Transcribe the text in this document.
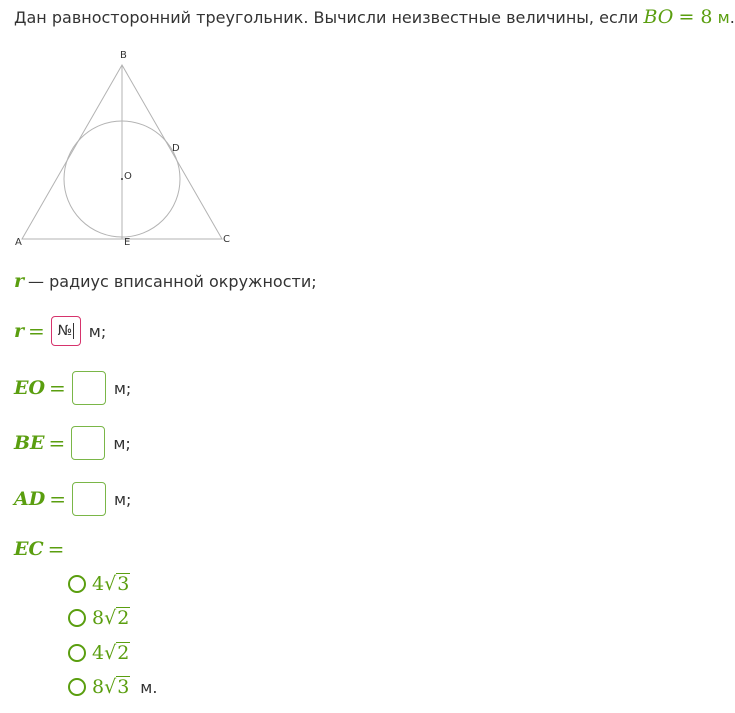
Дан равносторонний треугольник. Вычисли неизвестные величины, если BO = 8 м.
B
D
O
A	E	C
r — радиус вписанной окружности;
r = № м;
EO =	м;
BE =	м;
AD =	м;
EC =
4 √ 3
8 √ 2
4 √ 2
8 √ 3 м.
